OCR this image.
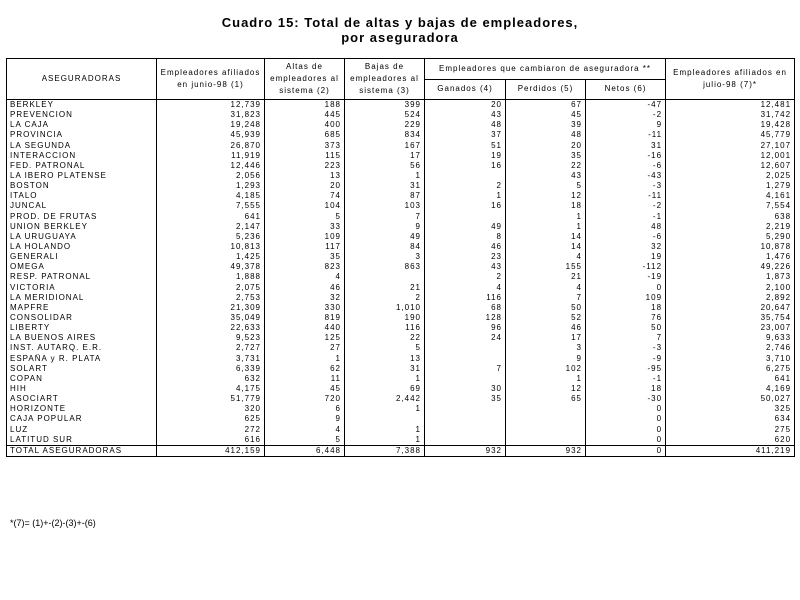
Cuadro 15: Total de altas y bajas de empleadores,
por aseguradora
ASEGURADORAS	Empleadores afiliados en junio-98 (1)	Altas de empleadores al sistema (2)	Bajas de empleadores al sistema (3)	Empleadores que cambiaron de aseguradora **			Empleadores afiliados en julio-98 (7)*
				Ganados (4)	Perdidos (5)	Netos (6)	
BERKLEY	12,739	188	399	20	67	-47	12,481
PREVENCION	31,823	445	524	43	45	-2	31,742
LA CAJA	19,248	400	229	48	39	9	19,428
PROVINCIA	45,939	685	834	37	48	-11	45,779
LA SEGUNDA	26,870	373	167	51	20	31	27,107
INTERACCION	11,919	115	17	19	35	-16	12,001
FED. PATRONAL	12,446	223	56	16	22	-6	12,607
LA IBERO PLATENSE	2,056	13	1		43	-43	2,025
BOSTON	1,293	20	31	2	5	-3	1,279
ITALO	4,185	74	87	1	12	-11	4,161
JUNCAL	7,555	104	103	16	18	-2	7,554
PROD. DE FRUTAS	641	5	7		1	-1	638
UNION BERKLEY	2,147	33	9	49	1	48	2,219
LA URUGUAYA	5,236	109	49	8	14	-6	5,290
LA HOLANDO	10,813	117	84	46	14	32	10,878
GENERALI	1,425	35	3	23	4	19	1,476
OMEGA	49,378	823	863	43	155	-112	49,226
RESP. PATRONAL	1,888	4		2	21	-19	1,873
VICTORIA	2,075	46	21	4	4	0	2,100
LA MERIDIONAL	2,753	32	2	116	7	109	2,892
MAPFRE	21,309	330	1,010	68	50	18	20,647
CONSOLIDAR	35,049	819	190	128	52	76	35,754
LIBERTY	22,633	440	116	96	46	50	23,007
LA BUENOS AIRES	9,523	125	22	24	17	7	9,633
INST. AUTARQ. E.R.	2,727	27	5		3	-3	2,746
ESPAÑA y R. PLATA	3,731	1	13		9	-9	3,710
SOLART	6,339	62	31	7	102	-95	6,275
COPAN	632	11	1		1	-1	641
HIH	4,175	45	69	30	12	18	4,169
ASOCIART	51,779	720	2,442	35	65	-30	50,027
HORIZONTE	320	6	1			0	325
CAJA POPULAR	625	9				0	634
LUZ	272	4	1			0	275
LATITUD SUR	616	5	1			0	620
TOTAL ASEGURADORAS	412,159	6,448	7,388	932	932	0	411,219
*(7)= (1)+-(2)-(3)+-(6)
